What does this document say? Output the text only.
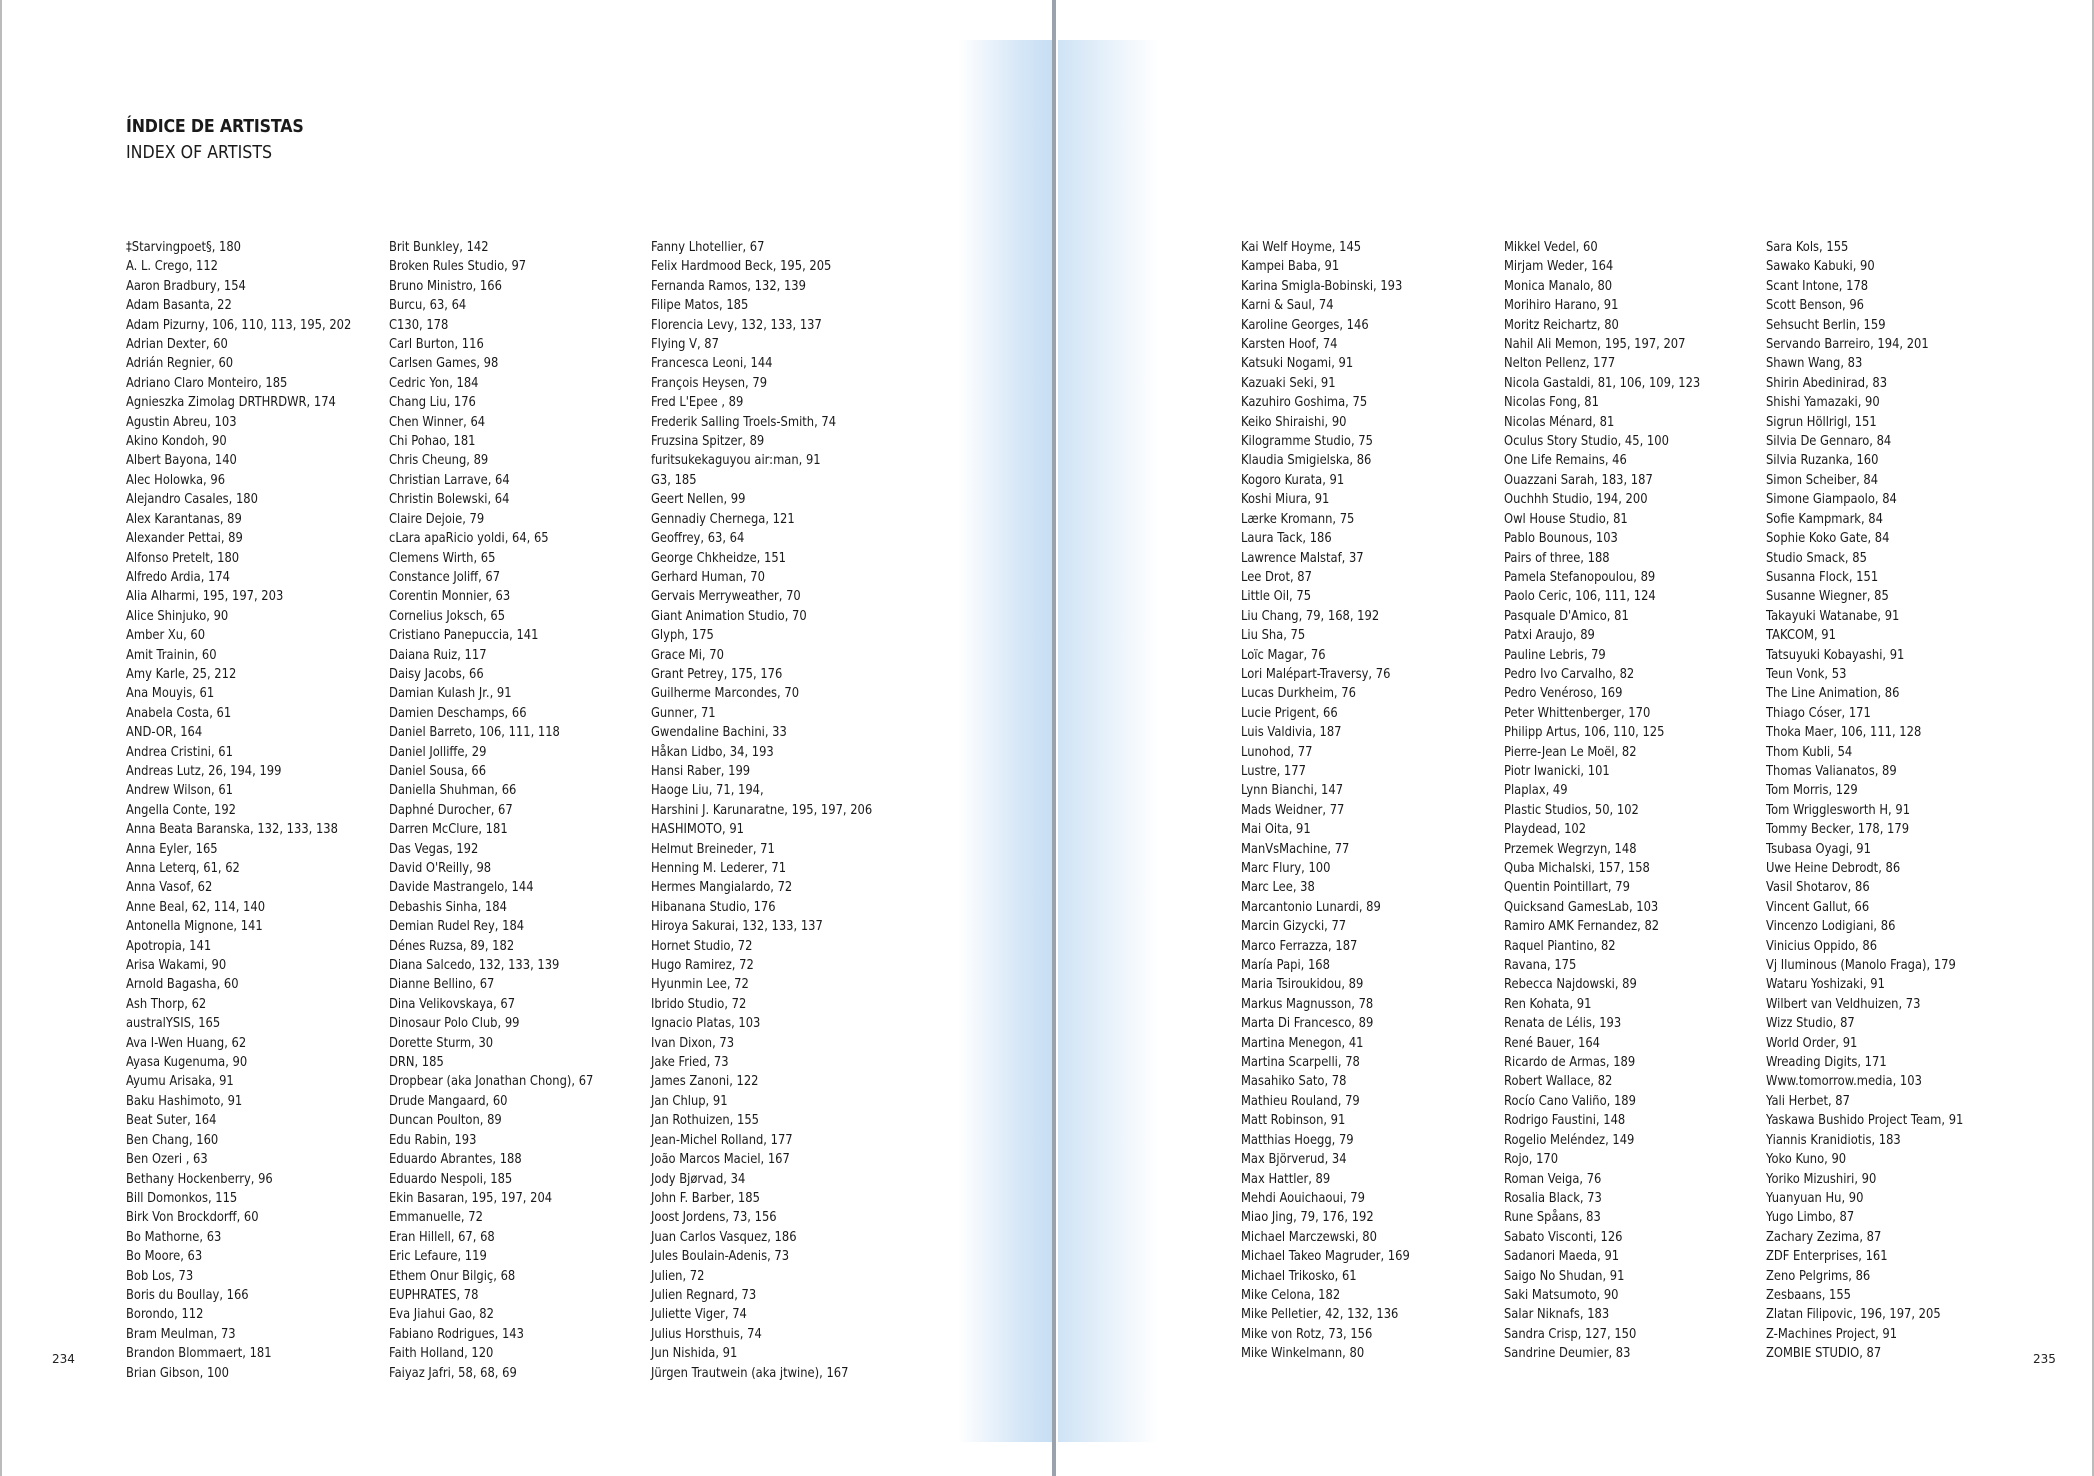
ÍNDICE DE ARTISTAS
INDEX OF ARTISTS
‡Starvingpoet§, 180
A. L. Crego, 112
Aaron Bradbury, 154
Adam Basanta, 22
Adam Pizurny, 106, 110, 113, 195, 202
Adrian Dexter, 60
Adrián Regnier, 60
Adriano Claro Monteiro, 185
Agnieszka Zimolag DRTHRDWR, 174
Agustin Abreu, 103
Akino Kondoh, 90
Albert Bayona, 140
Alec Holowka, 96
Alejandro Casales, 180
Alex Karantanas, 89
Alexander Pettai, 89
Alfonso Pretelt, 180
Alfredo Ardia, 174
Alia Alharmi, 195, 197, 203
Alice Shinjuko, 90
Amber Xu, 60
Amit Trainin, 60
Amy Karle, 25, 212
Ana Mouyis, 61
Anabela Costa, 61
AND-OR, 164
Andrea Cristini, 61
Andreas Lutz, 26, 194, 199
Andrew Wilson, 61
Angella Conte, 192
Anna Beata Baranska, 132, 133, 138
Anna Eyler, 165
Anna Leterq, 61, 62
Anna Vasof, 62
Anne Beal, 62, 114, 140
Antonella Mignone, 141
Apotropia, 141
Arisa Wakami, 90
Arnold Bagasha, 60
Ash Thorp, 62
australYSIS, 165
Ava I-Wen Huang, 62
Ayasa Kugenuma, 90
Ayumu Arisaka, 91
Baku Hashimoto, 91
Beat Suter, 164
Ben Chang, 160
Ben Ozeri , 63
Bethany Hockenberry, 96
Bill Domonkos, 115
Birk Von Brockdorff, 60
Bo Mathorne, 63
Bo Moore, 63
Bob Los, 73
Boris du Boullay, 166
Borondo, 112
Bram Meulman, 73
Brandon Blommaert, 181
Brian Gibson, 100
Brit Bunkley, 142
Broken Rules Studio, 97
Bruno Ministro, 166
Burcu, 63, 64
C130, 178
Carl Burton, 116
Carlsen Games, 98
Cedric Yon, 184
Chang Liu, 176
Chen Winner, 64
Chi Pohao, 181
Chris Cheung, 89
Christian Larrave, 64
Christin Bolewski, 64
Claire Dejoie, 79
cLara apaRicio yoldi, 64, 65
Clemens Wirth, 65
Constance Joliff, 67
Corentin Monnier, 63
Cornelius Joksch, 65
Cristiano Panepuccia, 141
Daiana Ruiz, 117
Daisy Jacobs, 66
Damian Kulash Jr., 91
Damien Deschamps, 66
Daniel Barreto, 106, 111, 118
Daniel Jolliffe, 29
Daniel Sousa, 66
Daniella Shuhman, 66
Daphné Durocher, 67
Darren McClure, 181
Das Vegas, 192
David O'Reilly, 98
Davide Mastrangelo, 144
Debashis Sinha, 184
Demian Rudel Rey, 184
Dénes Ruzsa, 89, 182
Diana Salcedo, 132, 133, 139
Dianne Bellino, 67
Dina Velikovskaya, 67
Dinosaur Polo Club, 99
Dorette Sturm, 30
DRN, 185
Dropbear (aka Jonathan Chong), 67
Drude Mangaard, 60
Duncan Poulton, 89
Edu Rabin, 193
Eduardo Abrantes, 188
Eduardo Nespoli, 185
Ekin Basaran, 195, 197, 204
Emmanuelle, 72
Eran Hillell, 67, 68
Eric Lefaure, 119
Ethem Onur Bilgiç, 68
EUPHRATES, 78
Eva Jiahui Gao, 82
Fabiano Rodrigues, 143
Faith Holland, 120
Faiyaz Jafri, 58, 68, 69
Fanny Lhotellier, 67
Felix Hardmood Beck, 195, 205
Fernanda Ramos, 132, 139
Filipe Matos, 185
Florencia Levy, 132, 133, 137
Flying V, 87
Francesca Leoni, 144
François Heysen, 79
Fred L'Epee , 89
Frederik Salling Troels-Smith, 74
Fruzsina Spitzer, 89
furitsukekaguyou air:man, 91
G3, 185
Geert Nellen, 99
Gennadiy Chernega, 121
Geoffrey, 63, 64
George Chkheidze, 151
Gerhard Human, 70
Gervais Merryweather, 70
Giant Animation Studio, 70
Glyph, 175
Grace Mi, 70
Grant Petrey, 175, 176
Guilherme Marcondes, 70
Gunner, 71
Gwendaline Bachini, 33
Håkan Lidbo, 34, 193
Hansi Raber, 199
Haoge Liu, 71, 194,
Harshini J. Karunaratne, 195, 197, 206
HASHIMOTO, 91
Helmut Breineder, 71
Henning M. Lederer, 71
Hermes Mangialardo, 72
Hibanana Studio, 176
Hiroya Sakurai, 132, 133, 137
Hornet Studio, 72
Hugo Ramirez, 72
Hyunmin Lee, 72
Ibrido Studio, 72
Ignacio Platas, 103
Ivan Dixon, 73
Jake Fried, 73
James Zanoni, 122
Jan Chlup, 91
Jan Rothuizen, 155
Jean-Michel Rolland, 177
João Marcos Maciel, 167
Jody Bjørvad, 34
John F. Barber, 185
Joost Jordens, 73, 156
Juan Carlos Vasquez, 186
Jules Boulain-Adenis, 73
Julien, 72
Julien Regnard, 73
Juliette Viger, 74
Julius Horsthuis, 74
Jun Nishida, 91
Jürgen Trautwein (aka jtwine), 167
Kai Welf Hoyme, 145
Kampei Baba, 91
Karina Smigla-Bobinski, 193
Karni & Saul, 74
Karoline Georges, 146
Karsten Hoof, 74
Katsuki Nogami, 91
Kazuaki Seki, 91
Kazuhiro Goshima, 75
Keiko Shiraishi, 90
Kilogramme Studio, 75
Klaudia Smigielska, 86
Kogoro Kurata, 91
Koshi Miura, 91
Lærke Kromann, 75
Laura Tack, 186
Lawrence Malstaf, 37
Lee Drot, 87
Little Oil, 75
Liu Chang, 79, 168, 192
Liu Sha, 75
Loïc Magar, 76
Lori Malépart-Traversy, 76
Lucas Durkheim, 76
Lucie Prigent, 66
Luis Valdivia, 187
Lunohod, 77
Lustre, 177
Lynn Bianchi, 147
Mads Weidner, 77
Mai Oita, 91
ManVsMachine, 77
Marc Flury, 100
Marc Lee, 38
Marcantonio Lunardi, 89
Marcin Gizycki, 77
Marco Ferrazza, 187
María Papi, 168
Maria Tsiroukidou, 89
Markus Magnusson, 78
Marta Di Francesco, 89
Martina Menegon, 41
Martina Scarpelli, 78
Masahiko Sato, 78
Mathieu Rouland, 79
Matt Robinson, 91
Matthias Hoegg, 79
Max Björverud, 34
Max Hattler, 89
Mehdi Aouichaoui, 79
Miao Jing, 79, 176, 192
Michael Marczewski, 80
Michael Takeo Magruder, 169
Michael Trikosko, 61
Mike Celona, 182
Mike Pelletier, 42, 132, 136
Mike von Rotz, 73, 156
Mike Winkelmann, 80
Mikkel Vedel, 60
Mirjam Weder, 164
Monica Manalo, 80
Morihiro Harano, 91
Moritz Reichartz, 80
Nahil Ali Memon, 195, 197, 207
Nelton Pellenz, 177
Nicola Gastaldi, 81, 106, 109, 123
Nicolas Fong, 81
Nicolas Ménard, 81
Oculus Story Studio, 45, 100
One Life Remains, 46
Ouazzani Sarah, 183, 187
Ouchhh Studio, 194, 200
Owl House Studio, 81
Pablo Bounous, 103
Pairs of three, 188
Pamela Stefanopoulou, 89
Paolo Ceric, 106, 111, 124
Pasquale D'Amico, 81
Patxi Araujo, 89
Pauline Lebris, 79
Pedro Ivo Carvalho, 82
Pedro Venéroso, 169
Peter Whittenberger, 170
Philipp Artus, 106, 110, 125
Pierre-Jean Le Moël, 82
Piotr Iwanicki, 101
Plaplax, 49
Plastic Studios, 50, 102
Playdead, 102
Przemek Wegrzyn, 148
Quba Michalski, 157, 158
Quentin Pointillart, 79
Quicksand GamesLab, 103
Ramiro AMK Fernandez, 82
Raquel Piantino, 82
Ravana, 175
Rebecca Najdowski, 89
Ren Kohata, 91
Renata de Lélis, 193
René Bauer, 164
Ricardo de Armas, 189
Robert Wallace, 82
Rocío Cano Valiño, 189
Rodrigo Faustini, 148
Rogelio Meléndez, 149
Rojo, 170
Roman Veiga, 76
Rosalia Black, 73
Rune Spåans, 83
Sabato Visconti, 126
Sadanori Maeda, 91
Saigo No Shudan, 91
Saki Matsumoto, 90
Salar Niknafs, 183
Sandra Crisp, 127, 150
Sandrine Deumier, 83
Sara Kols, 155
Sawako Kabuki, 90
Scant Intone, 178
Scott Benson, 96
Sehsucht Berlin, 159
Servando Barreiro, 194, 201
Shawn Wang, 83
Shirin Abedinirad, 83
Shishi Yamazaki, 90
Sigrun Höllrigl, 151
Silvia De Gennaro, 84
Silvia Ruzanka, 160
Simon Scheiber, 84
Simone Giampaolo, 84
Sofie Kampmark, 84
Sophie Koko Gate, 84
Studio Smack, 85
Susanna Flock, 151
Susanne Wiegner, 85
Takayuki Watanabe, 91
TAKCOM, 91
Tatsuyuki Kobayashi, 91
Teun Vonk, 53
The Line Animation, 86
Thiago Cóser, 171
Thoka Maer, 106, 111, 128
Thom Kubli, 54
Thomas Valianatos, 89
Tom Morris, 129
Tom Wrigglesworth H, 91
Tommy Becker, 178, 179
Tsubasa Oyagi, 91
Uwe Heine Debrodt, 86
Vasil Shotarov, 86
Vincent Gallut, 66
Vincenzo Lodigiani, 86
Vinicius Oppido, 86
Vj Iluminous (Manolo Fraga), 179
Wataru Yoshizaki, 91
Wilbert van Veldhuizen, 73
Wizz Studio, 87
World Order, 91
Wreading Digits, 171
Www.tomorrow.media, 103
Yali Herbet, 87
Yaskawa Bushido Project Team, 91
Yiannis Kranidiotis, 183
Yoko Kuno, 90
Yoriko Mizushiri, 90
Yuanyuan Hu, 90
Yugo Limbo, 87
Zachary Zezima, 87
ZDF Enterprises, 161
Zeno Pelgrims, 86
Zesbaans, 155
Zlatan Filipovic, 196, 197, 205
Z-Machines Project, 91
ZOMBIE STUDIO, 87
234	235
